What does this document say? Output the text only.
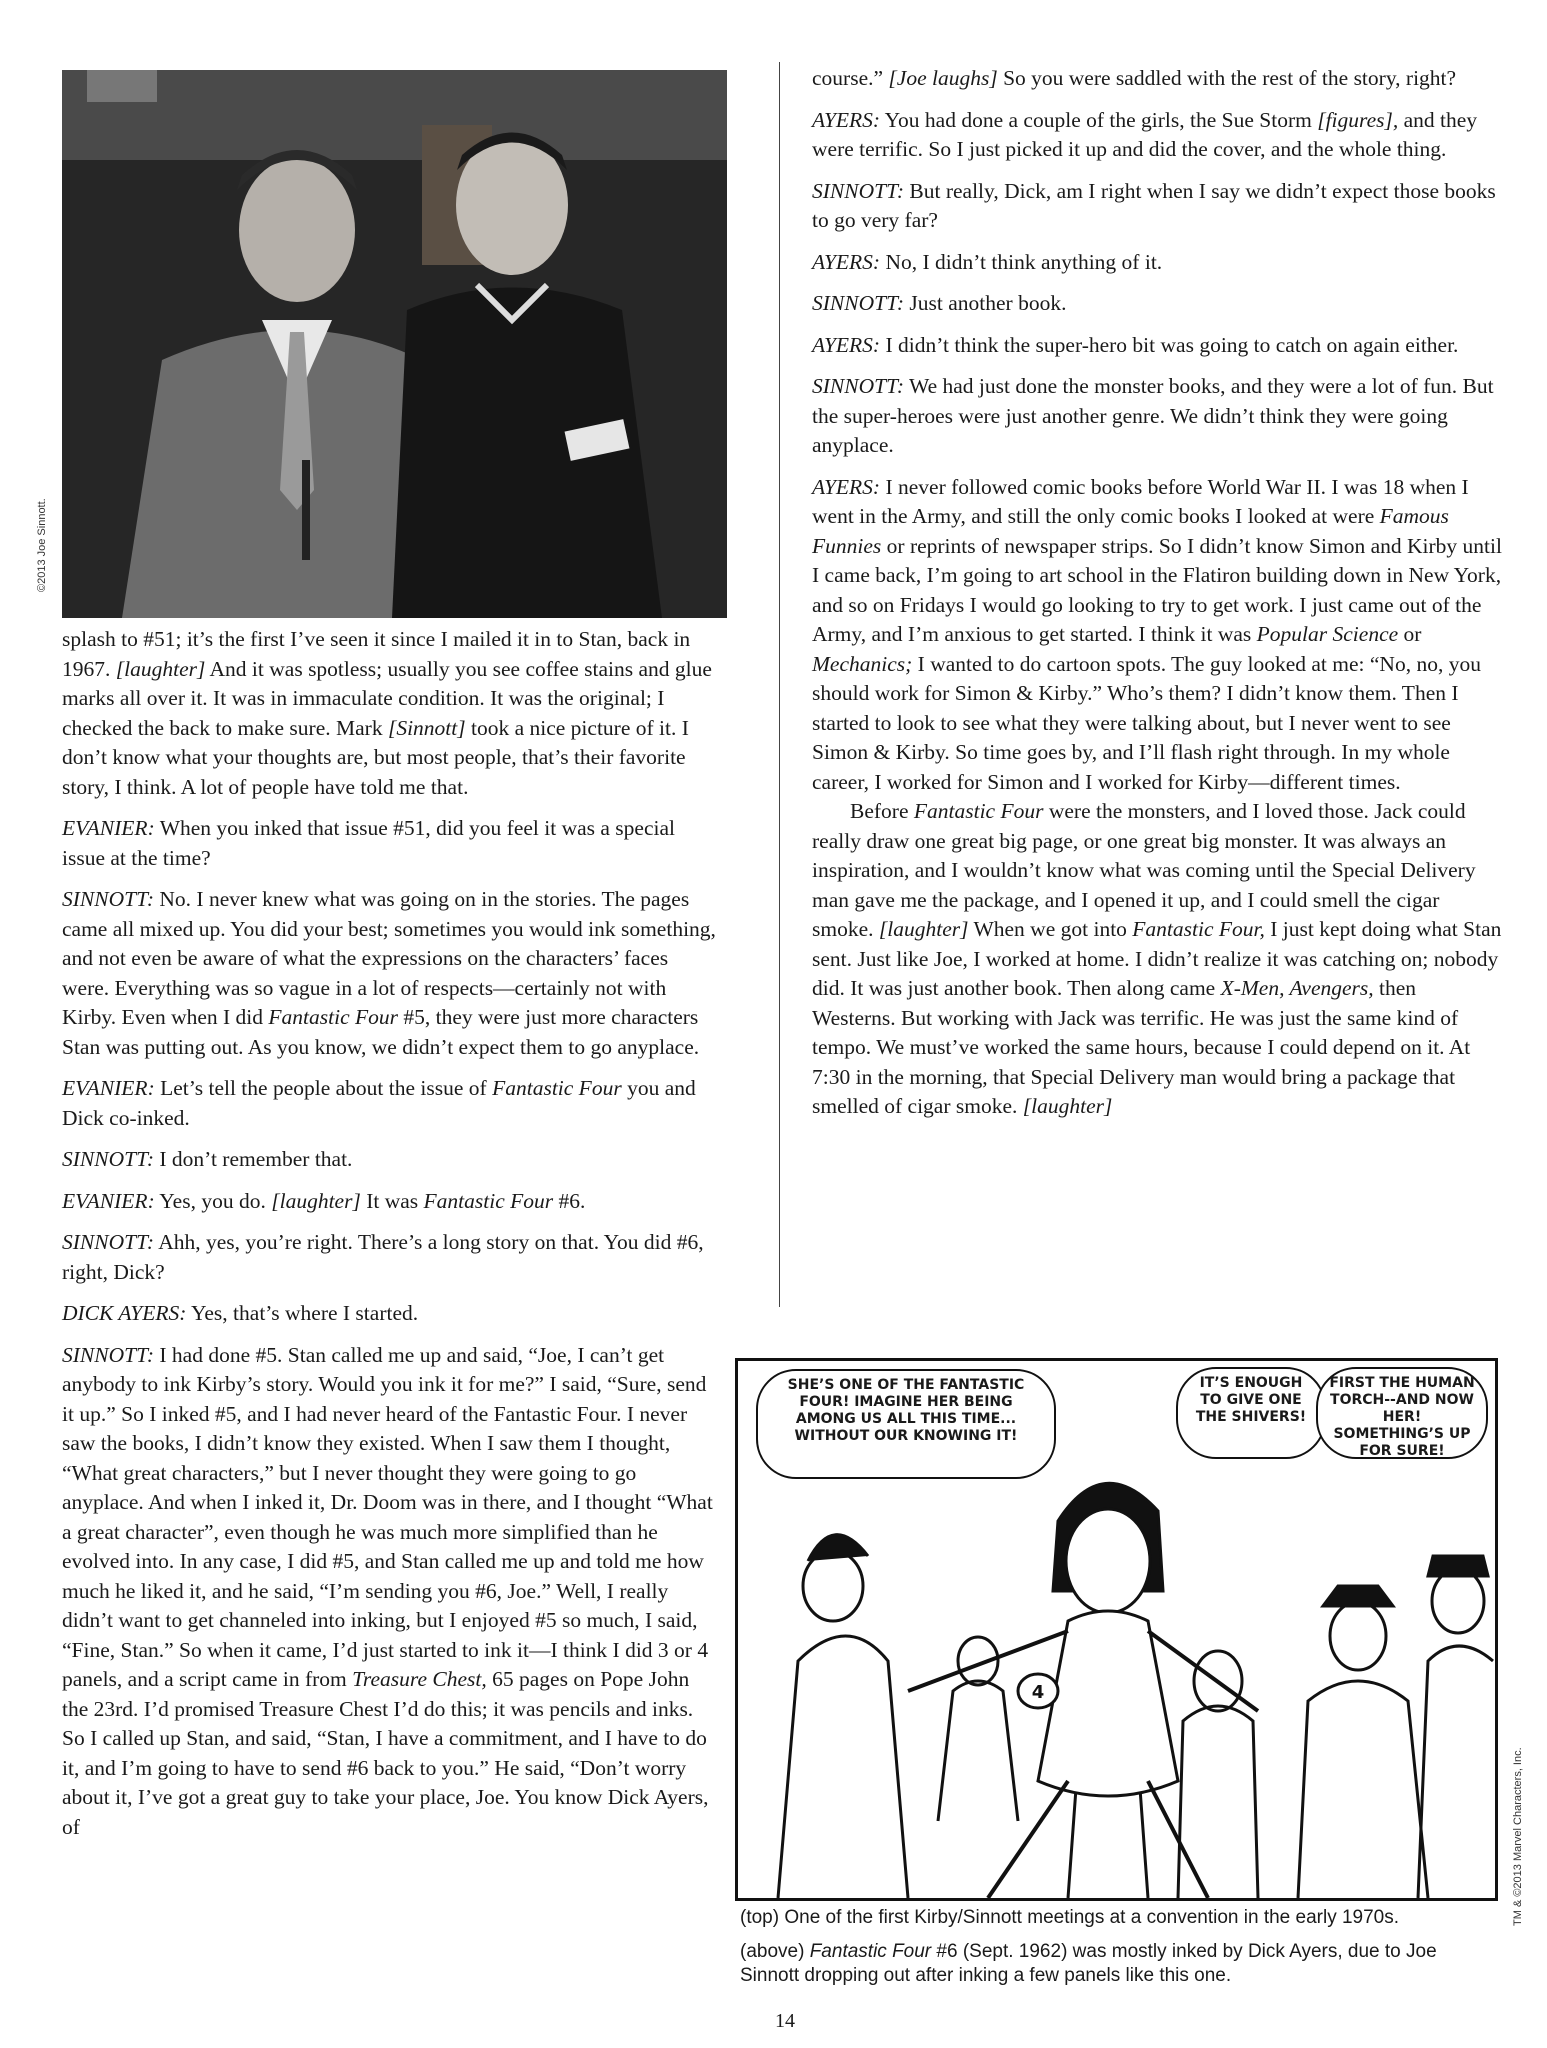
©2013 Joe Sinnott.

splash to #51; it’s the first I’ve seen it since I mailed it in to Stan, back in 1967. [laughter] And it was spotless; usually you see coffee stains and glue marks all over it. It was in immaculate condition. It was the original; I checked the back to make sure. Mark [Sinnott] took a nice picture of it. I don’t know what your thoughts are, but most people, that’s their favorite story, I think. A lot of people have told me that.

EVANIER: When you inked that issue #51, did you feel it was a special issue at the time?

SINNOTT: No. I never knew what was going on in the stories. The pages came all mixed up. You did your best; sometimes you would ink something, and not even be aware of what the expressions on the characters’ faces were. Everything was so vague in a lot of respects—certainly not with Kirby. Even when I did Fantastic Four #5, they were just more characters Stan was putting out. As you know, we didn’t expect them to go anyplace.

EVANIER: Let’s tell the people about the issue of Fantastic Four you and Dick co-inked.

SINNOTT: I don’t remember that.

EVANIER: Yes, you do. [laughter] It was Fantastic Four #6.

SINNOTT: Ahh, yes, you’re right. There’s a long story on that. You did #6, right, Dick?

DICK AYERS: Yes, that’s where I started.

SINNOTT: I had done #5. Stan called me up and said, “Joe, I can’t get anybody to ink Kirby’s story. Would you ink it for me?” I said, “Sure, send it up.” So I inked #5, and I had never heard of the Fantastic Four. I never saw the books, I didn’t know they existed. When I saw them I thought, “What great characters,” but I never thought they were going to go anyplace. And when I inked it, Dr. Doom was in there, and I thought “What a great character”, even though he was much more simplified than he evolved into. In any case, I did #5, and Stan called me up and told me how much he liked it, and he said, “I’m sending you #6, Joe.” Well, I really didn’t want to get channeled into inking, but I enjoyed #5 so much, I said, “Fine, Stan.” So when it came, I’d just started to ink it—I think I did 3 or 4 panels, and a script came in from Treasure Chest, 65 pages on Pope John the 23rd. I’d promised Treasure Chest I’d do this; it was pencils and inks. So I called up Stan, and said, “Stan, I have a commitment, and I have to do it, and I’m going to have to send #6 back to you.” He said, “Don’t worry about it, I’ve got a great guy to take your place, Joe. You know Dick Ayers, of

course.” [Joe laughs] So you were saddled with the rest of the story, right?

AYERS: You had done a couple of the girls, the Sue Storm [figures], and they were terrific. So I just picked it up and did the cover, and the whole thing.

SINNOTT: But really, Dick, am I right when I say we didn’t expect those books to go very far?

AYERS: No, I didn’t think anything of it.

SINNOTT: Just another book.

AYERS: I didn’t think the super-hero bit was going to catch on again either.

SINNOTT: We had just done the monster books, and they were a lot of fun. But the super-heroes were just another genre. We didn’t think they were going anyplace.

AYERS: I never followed comic books before World War II. I was 18 when I went in the Army, and still the only comic books I looked at were Famous Funnies or reprints of newspaper strips. So I didn’t know Simon and Kirby until I came back, I’m going to art school in the Flatiron building down in New York, and so on Fridays I would go looking to try to get work. I just came out of the Army, and I’m anxious to get started. I think it was Popular Science or Mechanics; I wanted to do cartoon spots. The guy looked at me: “No, no, you should work for Simon & Kirby.” Who’s them? I didn’t know them. Then I started to look to see what they were talking about, but I never went to see Simon & Kirby. So time goes by, and I’ll flash right through. In my whole career, I worked for Simon and I worked for Kirby—different times.

Before Fantastic Four were the monsters, and I loved those. Jack could really draw one great big page, or one great big monster. It was always an inspiration, and I wouldn’t know what was coming until the Special Delivery man gave me the package, and I opened it up, and I could smell the cigar smoke. [laughter] When we got into Fantastic Four, I just kept doing what Stan sent. Just like Joe, I worked at home. I didn’t realize it was catching on; nobody did. It was just another book. Then along came X-Men, Avengers, then Westerns. But working with Jack was terrific. He was just the same kind of tempo. We must’ve worked the same hours, because I could depend on it. At 7:30 in the morning, that Special Delivery man would bring a package that smelled of cigar smoke. [laughter]

4
SHE’S ONE OF THE FANTASTIC FOUR! IMAGINE HER BEING AMONG US ALL THIS TIME... WITHOUT OUR KNOWING IT!
IT’S ENOUGH TO GIVE ONE THE SHIVERS!
FIRST THE HUMAN TORCH--AND NOW HER! SOMETHING’S UP FOR SURE!
TM & ©2013 Marvel Characters, Inc.
(top) One of the first Kirby/Sinnott meetings at a convention in the early 1970s.
(above) Fantastic Four #6 (Sept. 1962) was mostly inked by Dick Ayers, due to Joe Sinnott dropping out after inking a few panels like this one.
14
